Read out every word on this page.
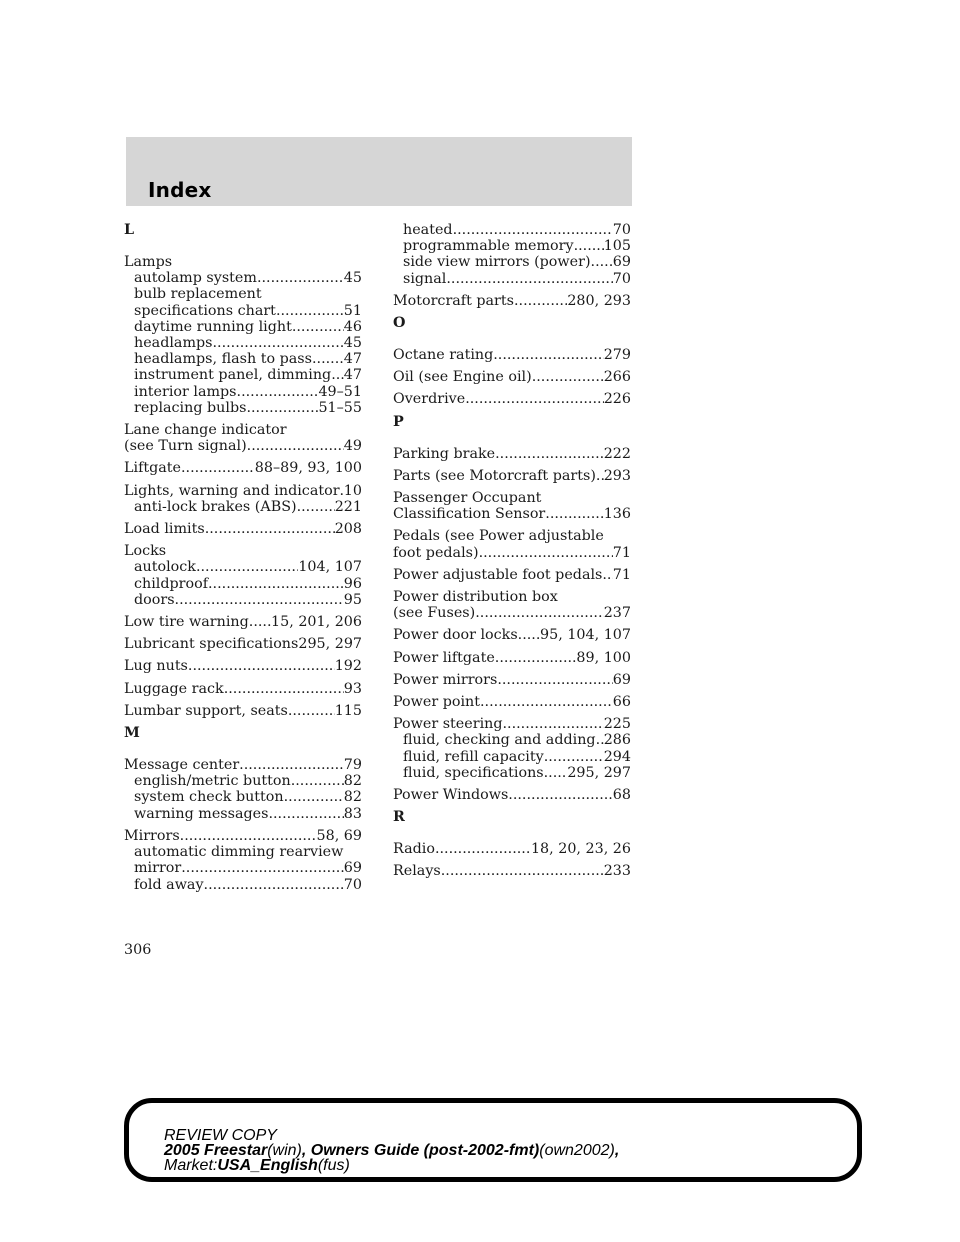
Index
L
Lamps
autolamp system .....	45
bulb replacement
specifications chart .....	51
daytime running light .....	46
headlamps .....	45
headlamps, flash to pass ..... 47
instrument panel, dimming ..... 47
interior lamps .....	49–51
replacing bulbs .....	51–55
Lane change indicator
(see Turn signal) .....	49
Liftgate .....	88–89, 93, 100
Lights, warning and indicator ..... 10
anti-lock brakes (ABS) .....	221
Load limits .....	208
Locks
autolock .....	104, 107
childproof .....	96
doors .....	95
Low tire warning ..... 15, 201, 206
Lubricant specifications 295, 297
Lug nuts .....	192
Luggage rack .....	93
Lumbar support, seats .....	115
M
Message center .....	79
english/metric button .....	82
system check button .....	82
warning messages .....	83
Mirrors .....	58, 69
automatic dimming rearview
mirror .....	69
fold away .....	70
heated .....	70
programmable memory ..... 105
side view mirrors (power) ..... 69
signal .....	70
Motorcraft parts .....	280, 293
O
Octane rating .....	279
Oil (see Engine oil) .....	266
Overdrive .....	226
P
Parking brake .....	222
Parts (see Motorcraft parts) ..... 293
Passenger Occupant
Classification Sensor .....	136
Pedals (see Power adjustable
foot pedals) .....	71
Power adjustable foot pedals ..... 71
Power distribution box
(see Fuses) .....	237
Power door locks ..... 95, 104, 107
Power liftgate .....	89, 100
Power mirrors .....	69
Power point .....	66
Power steering .....	225
fluid, checking and adding ..... 286
fluid, refill capacity .....	294
fluid, specifications ..... 295, 297
Power Windows .....	68
R
Radio .....	18, 20, 23, 26
Relays .....	233
306
REVIEW COPY
2005 Freestar(win), Owners Guide (post-2002-fmt)(own2002),
Market:USA_English(fus)
